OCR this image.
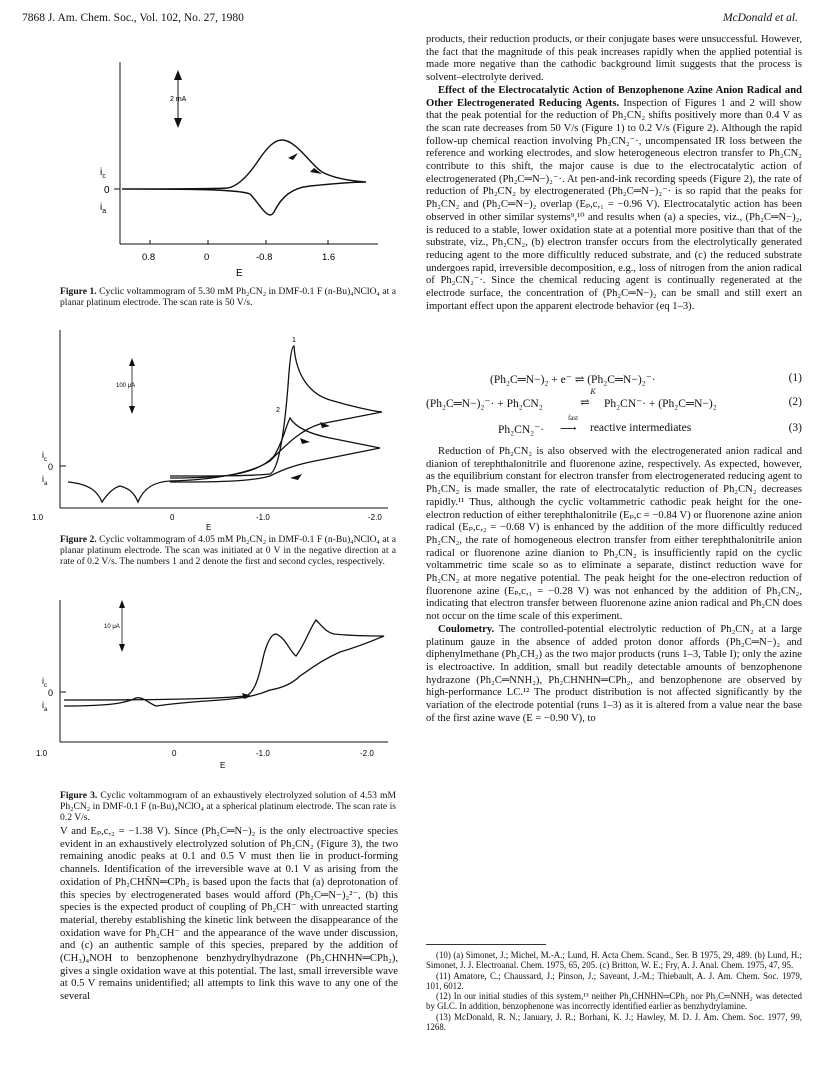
7868 J. Am. Chem. Soc., Vol. 102, No. 27, 1980	McDonald et al.
2 mA
$i_c$
0
$i_a$
0.8	0	-0.8	1.6
E
Figure 1. Cyclic voltammogram of 5.30 mM Ph₂CN₂ in DMF-0.1 F (n-Bu)₄NClO₄ at a planar platinum electrode. The scan rate is 50 V/s.
100 μA
1
2
$i_c$
0
$i_a$
1.0	0	-1.0	-2.0
E
Figure 2. Cyclic voltammogram of 4.05 mM Ph₂CN₂ in DMF-0.1 F (n-Bu)₄NClO₄ at a planar platinum electrode. The scan was initiated at 0 V in the negative direction at a rate of 0.2 V/s. The numbers 1 and 2 denote the first and second cycles, respectively.
10 μA
$i_c$
0
$i_a$
1.0	0	-1.0	-2.0
E
Figure 3. Cyclic voltammogram of an exhaustively electrolyzed solution of 4.53 mM Ph₂CN₂ in DMF-0.1 F (n-Bu)₄NClO₄ at a spherical platinum electrode. The scan rate is 0.2 V/s.

V and Eₚ,c,₂ = −1.38 V). Since (Ph₂C═N−)₂ is the only electroactive species evident in an exhaustively electrolyzed solution of Ph₂CN₂ (Figure 3), the two remaining anodic peaks at 0.1 and 0.5 V must then lie in product-forming channels. Identification of the irreversible wave at 0.1 V as arising from the oxidation of Ph₂CHN̄N═CPh₂ is based upon the facts that (a) deprotonation of this species by electrogenerated bases would afford (Ph₂C═N−)₂²⁻, (b) this species is the expected product of coupling of Ph₂CH⁻ with unreacted starting material, thereby establishing the kinetic link between the disappearance of the oxidation wave for Ph₂CH⁻ and the appearance of the wave under discussion, and (c) an authentic sample of this species, prepared by the addition of (CH₃)₄NOH to benzophenone benzhydrylhydrazone (Ph₂CHNHN═CPh₂), gives a single oxidation wave at this potential. The last, small irreversible wave at 0.5 V remains unidentified; all attempts to link this wave to any one of the several

products, their reduction products, or their conjugate bases were unsuccessful. However, the fact that the magnitude of this peak increases rapidly when the applied potential is made more negative than the cathodic background limit suggests that the process is solvent–electrolyte derived.

Effect of the Electrocatalytic Action of Benzophenone Azine Anion Radical and Other Electrogenerated Reducing Agents. Inspection of Figures 1 and 2 will show that the peak potential for the reduction of Ph₂CN₂ shifts positively more than 0.4 V as the scan rate decreases from 50 V/s (Figure 1) to 0.2 V/s (Figure 2). Although the rapid follow-up chemical reaction involving Ph₂CN₂⁻·, uncompensated IR loss between the reference and working electrodes, and slow heterogeneous electron transfer to Ph₂CN₂ contribute to this shift, the major cause is due to the electrocatalytic action of electrogenerated (Ph₂C═N−)₂⁻·. At pen-and-ink recording speeds (Figure 2), the rate of reduction of Ph₂CN₂ by electrogenerated (Ph₂C═N−)₂⁻· is so rapid that the peaks for Ph₂CN₂ and (Ph₂C═N−)₂ overlap (Eₚ,c,₁ = −0.96 V). Electrocatalytic action has been observed in other similar systems⁹,¹⁰ and results when (a) a species, viz., (Ph₂C═N−)₂, is reduced to a stable, lower oxidation state at a potential more positive than that of the substrate, viz., Ph₂CN₂, (b) electron transfer occurs from the electrolytically generated reducing agent to the more difficultly reduced substrate, and (c) the reduced substrate undergoes rapid, irreversible decomposition, e.g., loss of nitrogen from the anion radical of Ph₂CN₂⁻·. Since the chemical reducing agent is continually regenerated at the electrode surface, the concentration of (Ph₂C═N−)₂ can be small and still exert an important effect upon the apparent electrode behavior (eq 1–3).

(Ph₂C═N−)₂ + e⁻ ⇌ (Ph₂C═N−)₂⁻·	(1)
(Ph₂C═N−)₂⁻· + Ph₂CN₂
K
⇌ Ph₂CN⁻· + (Ph₂C═N−)₂	(2)
Ph₂CN₂⁻·
fast
⟶ reactive intermediates	(3)

Reduction of Ph₂CN₂ is also observed with the electrogenerated anion radical and dianion of terephthalonitrile and fluorenone azine, respectively. As expected, however, as the equilibrium constant for electron transfer from electrogenerated reducing agent to Ph₂CN₂ is made smaller, the rate of electrocatalytic reduction of Ph₂CN₂ decreases rapidly.¹¹ Thus, although the cyclic voltammetric cathodic peak height for the one-electron reduction of either terephthalonitrile (Eₚ,c = −0.84 V) or fluorenone azine anion radical (Eₚ,c,₂ = −0.68 V) is enhanced by the addition of the more difficultly reduced Ph₂CN₂, the rate of homogeneous electron transfer from either terephthalonitrile anion radical or fluorenone azine dianion to Ph₂CN₂ is insufficiently rapid on the cyclic voltammetric time scale so as to eliminate a separate, distinct reduction wave for Ph₂CN₂ at more negative potential. The peak height for the one-electron reduction of fluorenone azine (Eₚ,c,₁ = −0.28 V) was not enhanced by the addition of Ph₂CN₂, indicating that electron transfer between fluorenone azine anion radical and Ph₂CN does not occur on the time scale of this experiment.

Coulometry. The controlled-potential electrolytic reduction of Ph₂CN₂ at a large platinum gauze in the absence of added proton donor affords (Ph₂C═N−)₂ and diphenylmethane (Ph₂CH₂) as the two major products (runs 1–3, Table I); only the azine is electroactive. In addition, small but readily detectable amounts of benzophenone hydrazone (Ph₂C═NNH₂), Ph₂CHNHN═CPh₂, and benzophenone are observed by high-performance LC.¹² The product distribution is not affected significantly by the variation of the electrode potential (runs 1–3) as it is altered from a value near the base of the first azine wave (E = −0.90 V), to

(10) (a) Simonet, J.; Michel, M.-A.; Lund, H. Acta Chem. Scand., Ser. B 1975, 29, 489. (b) Lund, H.; Simonet, J. J. Electroanal. Chem. 1975, 65, 205. (c) Britton, W. E.; Fry, A. J. Anal. Chem. 1975, 47, 95.

(11) Amatore, C.; Chaussard, J.; Pinson, J.; Saveant, J.-M.; Thiebault, A. J. Am. Chem. Soc. 1979, 101, 6012.

(12) In our initial studies of this system,¹³ neither Ph₂CHNHN═CPh₂ nor Ph₂C═NNH₂ was detected by GLC. In addition, benzophenone was incorrectly identified earlier as benzhydrylamine.

(13) McDonald, R. N.; January, J. R.; Borhani, K. J.; Hawley, M. D. J. Am. Chem. Soc. 1977, 99, 1268.
